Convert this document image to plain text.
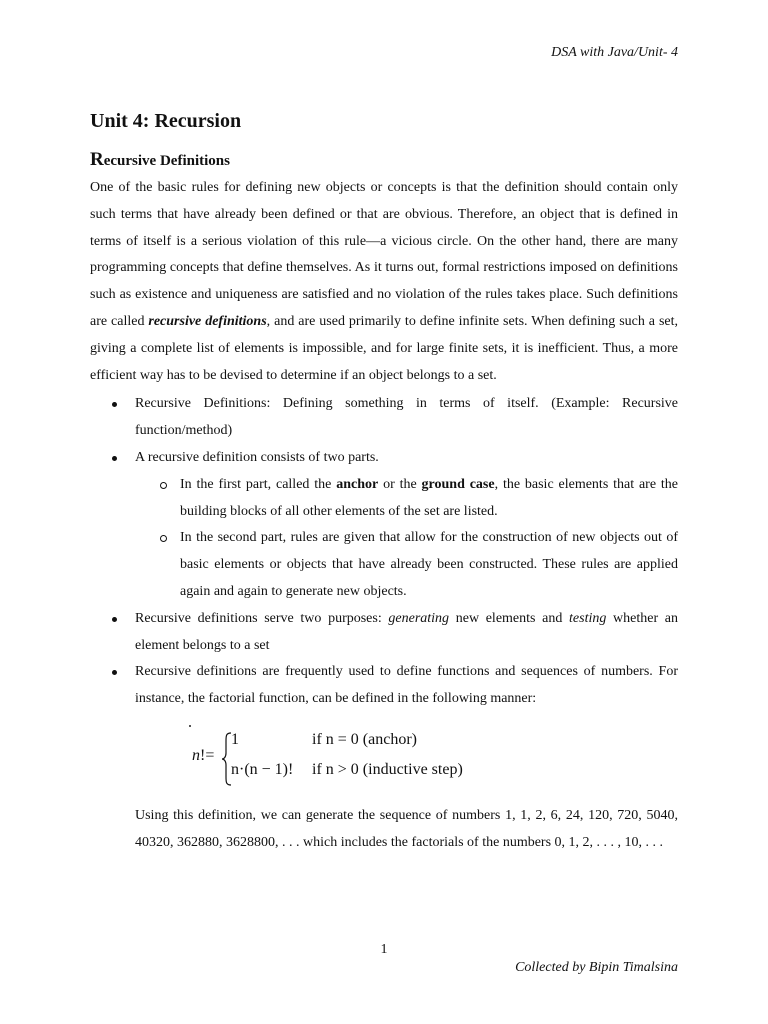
DSA with Java/Unit- 4
Unit 4: Recursion
Recursive Definitions

One of the basic rules for defining new objects or concepts is that the definition should contain only such terms that have already been defined or that are obvious. Therefore, an object that is defined in terms of itself is a serious violation of this rule—a vicious circle. On the other hand, there are many programming concepts that define themselves. As it turns out, formal restrictions imposed on definitions such as existence and uniqueness are satisfied and no violation of the rules takes place. Such definitions are called recursive definitions, and are used primarily to define infinite sets. When defining such a set, giving a complete list of elements is impossible, and for large finite sets, it is inefficient. Thus, a more efficient way has to be devised to determine if an object belongs to a set.

Recursive Definitions: Defining something in terms of itself. (Example: Recursive function/method)
A recursive definition consists of two parts.
In the first part, called the anchor or the ground case, the basic elements that are the building blocks of all other elements of the set are listed.
In the second part, rules are given that allow for the construction of new objects out of basic elements or objects that have already been constructed. These rules are applied again and again to generate new objects.
Recursive definitions serve two purposes: generating new elements and testing whether an element belongs to a set
Recursive definitions are frequently used to define functions and sequences of numbers. For instance, the factorial function, can be defined in the following manner:
n!=
1	if n = 0 (anchor)
n·(n − 1)! if n > 0 (inductive step)

Using this definition, we can generate the sequence of numbers 1, 1, 2, 6, 24, 120, 720, 5040, 40320, 362880, 3628800, . . . which includes the factorials of the numbers 0, 1, 2, . . . , 10, . . .

1
Collected by Bipin Timalsina
